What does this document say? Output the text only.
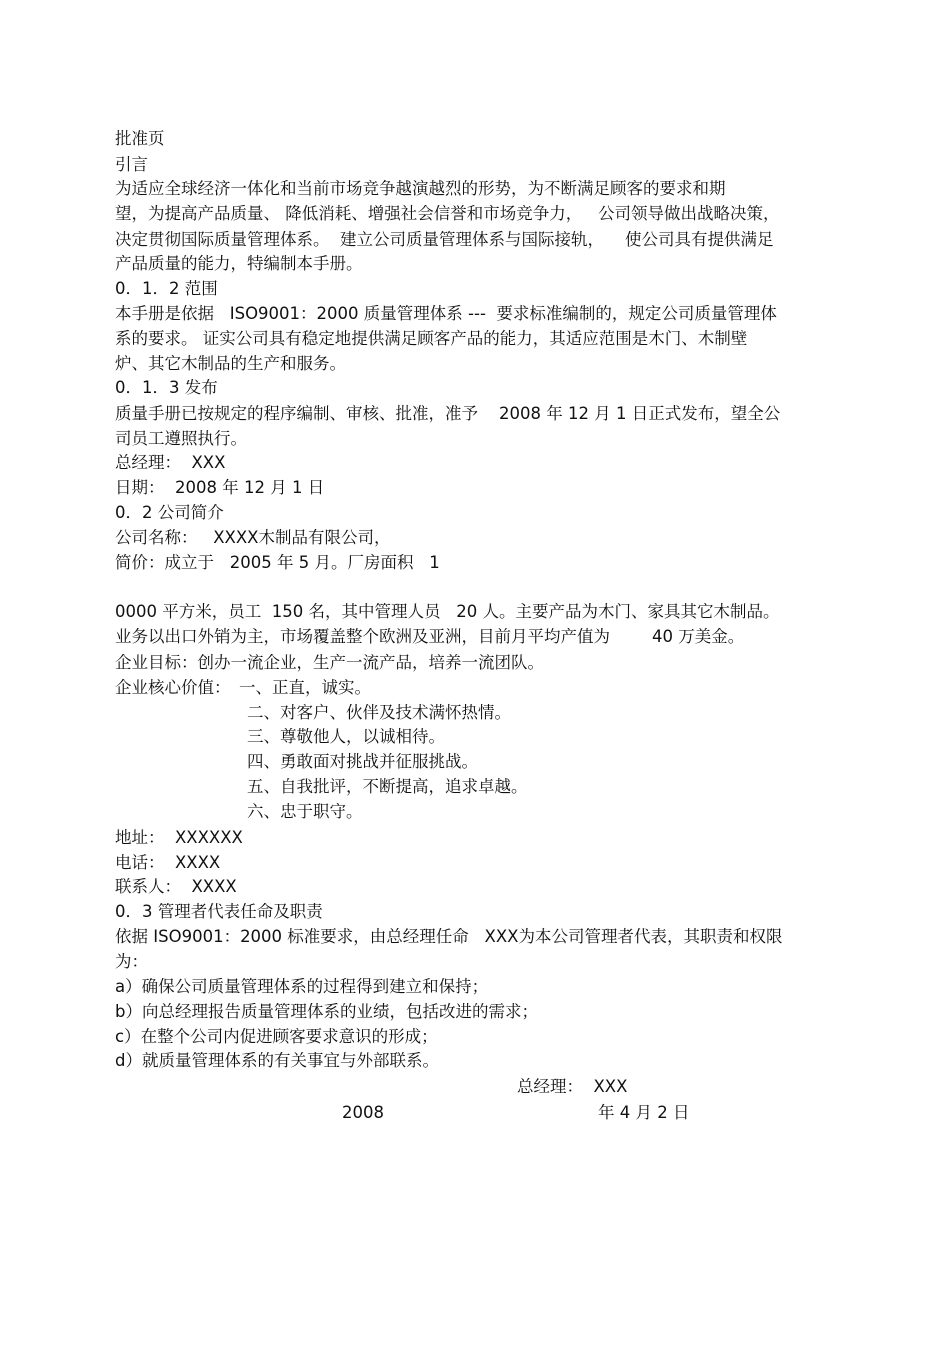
批准页
引言
为适应全球经济一体化和当前市场竞争越演越烈的形势，为不断满足顾客的要求和期
望，为提高产品质量、 降低消耗、增强社会信誉和市场竞争力，   公司领导做出战略决策，
决定贯彻国际质量管理体系。  建立公司质量管理体系与国际接轨，    使公司具有提供满足
产品质量的能力，特编制本手册。
0．1．2 范围
本手册是依据   ISO9001：2000 质量管理体系 ---  要求标准编制的，规定公司质量管理体
系的要求。 证实公司具有稳定地提供满足顾客产品的能力，其适应范围是木门、木制壁
炉、其它木制品的生产和服务。
0．1．3 发布
质量手册已按规定的程序编制、审核、批准，准予    2008 年 12 月 1 日正式发布，望全公
司员工遵照执行。
总经理：  XXX
日期：  2008 年 12 月 1 日
0．2 公司简介
公司名称：   XXXX木制品有限公司，
简价：成立于   2005 年 5 月。厂房面积   1
0000 平方米，员工  150 名，其中管理人员   20 人。主要产品为木门、家具其它木制品。
业务以出口外销为主，市场覆盖整个欧洲及亚洲，目前月平均产值为        40 万美金。
企业目标：创办一流企业，生产一流产品，培养一流团队。
企业核心价值： 一、正直，诚实。
二、对客户、伙伴及技术满怀热情。
三、尊敬他人，以诚相待。
四、勇敢面对挑战并征服挑战。
五、自我批评，不断提高，追求卓越。
六、忠于职守。
地址：  XXXXXX
电话：  XXXX
联系人：  XXXX
0．3 管理者代表任命及职责
依据 ISO9001：2000 标准要求，由总经理任命   XXX为本公司管理者代表，其职责和权限
为：
a）确保公司质量管理体系的过程得到建立和保持；
b）向总经理报告质量管理体系的业绩，包括改进的需求；
c）在整个公司内促进顾客要求意识的形成；
d）就质量管理体系的有关事宜与外部联系。
总经理：  XXX
2008	年 4 月 2 日
